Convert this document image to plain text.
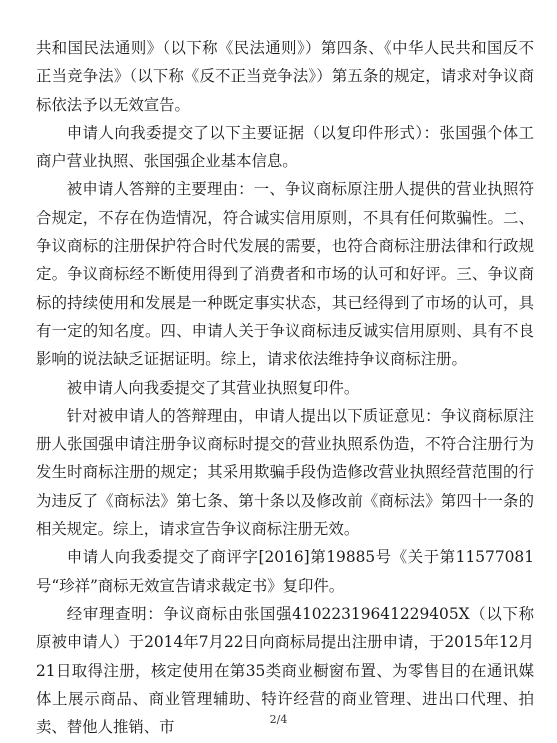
共和国民法通则》（以下称《民法通则》）第四条、《中华人民共和国反不正当竞争法》（以下称《反不正当竞争法》）第五条的规定，请求对争议商标依法予以无效宣告。

申请人向我委提交了以下主要证据（以复印件形式）：张国强个体工商户营业执照、张国强企业基本信息。

被申请人答辩的主要理由：一、争议商标原注册人提供的营业执照符合规定，不存在伪造情况，符合诚实信用原则，不具有任何欺骗性。二、争议商标的注册保护符合时代发展的需要，也符合商标注册法律和行政规定。争议商标经不断使用得到了消费者和市场的认可和好评。三、争议商标的持续使用和发展是一种既定事实状态，其已经得到了市场的认可，具有一定的知名度。四、申请人关于争议商标违反诚实信用原则、具有不良影响的说法缺乏证据证明。综上，请求依法维持争议商标注册。

被申请人向我委提交了其营业执照复印件。

针对被申请人的答辩理由，申请人提出以下质证意见：争议商标原注册人张国强申请注册争议商标时提交的营业执照系伪造，不符合注册行为发生时商标注册的规定；其采用欺骗手段伪造修改营业执照经营范围的行为违反了《商标法》第七条、第十条以及修改前《商标法》第四十一条的相关规定。综上，请求宣告争议商标注册无效。

申请人向我委提交了商评字[2016]第19885号《关于第11577081号“珍祥”商标无效宣告请求裁定书》复印件。

经审理查明：争议商标由张国强41022319641229405X（以下称原被申请人）于2014年7月22日向商标局提出注册申请，于2015年12月21日取得注册，核定使用在第35类商业橱窗布置、为零售目的在通讯媒体上展示商品、商业管理辅助、特许经营的商业管理、进出口代理、拍卖、替他人推销、市	2/4
